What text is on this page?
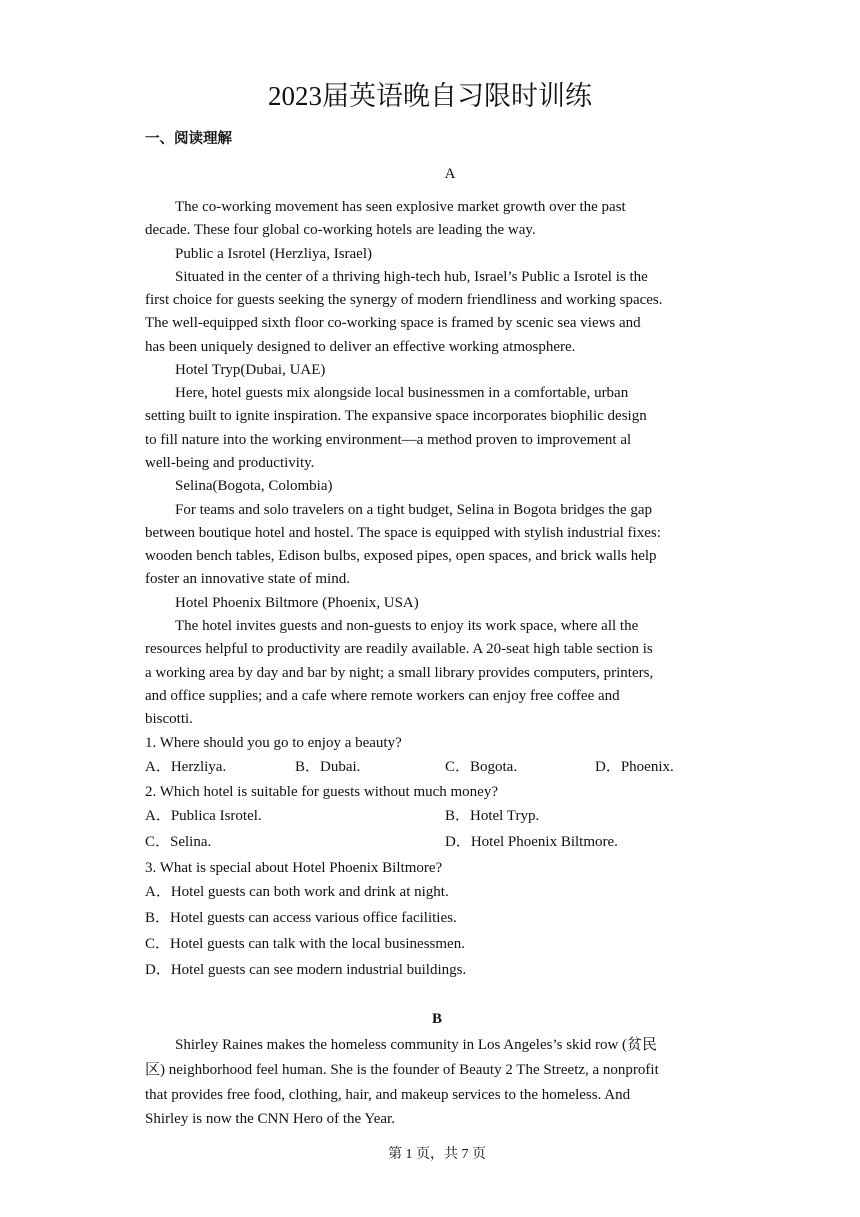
2023届英语晚自习限时训练
一、阅读理解
A
The co-working movement has seen explosive market growth over the past
decade. These four global co-working hotels are leading the way.
Public a Isrotel (Herzliya, Israel)
Situated in the center of a thriving high-tech hub, Israel’s Public a Isrotel is the
first choice for guests seeking the synergy of modern friendliness and working spaces.
The well-equipped sixth floor co-working space is framed by scenic sea views and
has been uniquely designed to deliver an effective working atmosphere.
Hotel Tryp(Dubai, UAE)
Here, hotel guests mix alongside local businessmen in a comfortable, urban
setting built to ignite inspiration. The expansive space incorporates biophilic design
to fill nature into the working environment—a method proven to improvement al
well-being and productivity.
Selina(Bogota, Colombia)
For teams and solo travelers on a tight budget, Selina in Bogota bridges the gap
between boutique hotel and hostel. The space is equipped with stylish industrial fixes:
wooden bench tables, Edison bulbs, exposed pipes, open spaces, and brick walls help
foster an innovative state of mind.
Hotel Phoenix Biltmore (Phoenix, USA)
The hotel invites guests and non-guests to enjoy its work space, where all the
resources helpful to productivity are readily available. A 20-seat high table section is
a working area by day and bar by night; a small library provides computers, printers,
and office supplies; and a cafe where remote workers can enjoy free coffee and
biscotti.
1. Where should you go to enjoy a beauty?
A．Herzliya.	B．Dubai.	C．Bogota.	D．Phoenix.
2. Which hotel is suitable for guests without much money?
A．Publica Isrotel.	B．Hotel Tryp.
C．Selina.	D．Hotel Phoenix Biltmore.
3. What is special about Hotel Phoenix Biltmore?
A．Hotel guests can both work and drink at night.
B．Hotel guests can access various office facilities.
C．Hotel guests can talk with the local businessmen.
D．Hotel guests can see modern industrial buildings.
B
Shirley Raines makes the homeless community in Los Angeles’s skid row (贫民
区) neighborhood feel human. She is the founder of Beauty 2 The Streetz, a nonprofit
that provides free food, clothing, hair, and makeup services to the homeless. And
Shirley is now the CNN Hero of the Year.
第 1 页，共 7 页
